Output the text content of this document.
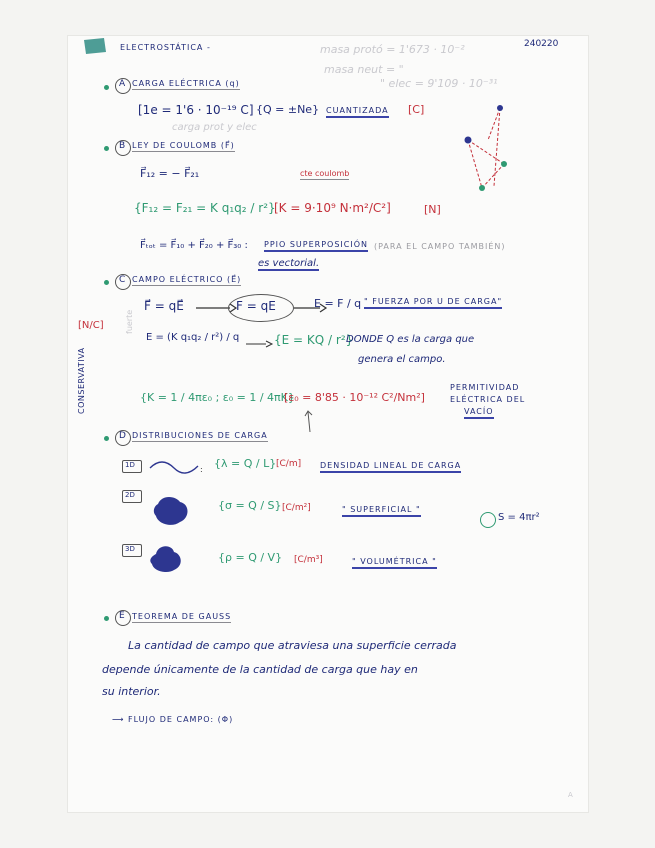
ELECTROSTÁTICA -	240220
masa protó = 1'673 · 10⁻²
masa neut = "
" elec = 9'109 · 10⁻³¹
A CARGA ELÉCTRICA (q)
[1e = 1'6 · 10⁻¹⁹ C] {Q = ±Ne} CUANTIZADA [C]
carga prot y elec
B LEY DE COULOMB (F⃗)
F⃗₁₂ = − F⃗₂₁	cte coulomb
{F₁₂ = F₂₁ = K q₁q₂ / r²}
[K = 9·10⁹ N·m²/C²]	[N]
F⃗ₜₒₜ = F⃗₁₀ + F⃗₂₀ + F⃗₃₀ : PPIO SUPERPOSICIÓN (PARA EL CAMPO TAMBIÉN)
es vectorial.
C CAMPO ELÉCTRICO (E⃗)
F⃗ = qE⃗	F = qE	E = F / q " FUERZA POR U DE CARGA"
[N/C]	fuerte
E = (K q₁q₂ / r²) / q	{E = KQ / r²}
DONDE Q es la carga que
genera el campo.
CONSERVATIVA	{K = 1 / 4πε₀ ; ε₀ = 1 / 4πK}
[ε₀ = 8'85 · 10⁻¹² C²/Nm²]
PERMITIVIDAD
ELÉCTRICA DEL
VACÍO
D DISTRIBUCIONES DE CARGA
1D	: {λ = Q / L} [C/m] DENSIDAD LINEAL DE CARGA
2D
{σ = Q / S} [C/m²]	" SUPERFICIAL "
S = 4πr²
3D
{ρ = Q / V} [C/m³]	" VOLUMÉTRICA "
E TEOREMA DE GAUSS
La cantidad de campo que atraviesa una superficie cerrada
depende únicamente de la cantidad de carga que hay en
su interior.
⟶ FLUJO DE CAMPO: (Φ)
A
